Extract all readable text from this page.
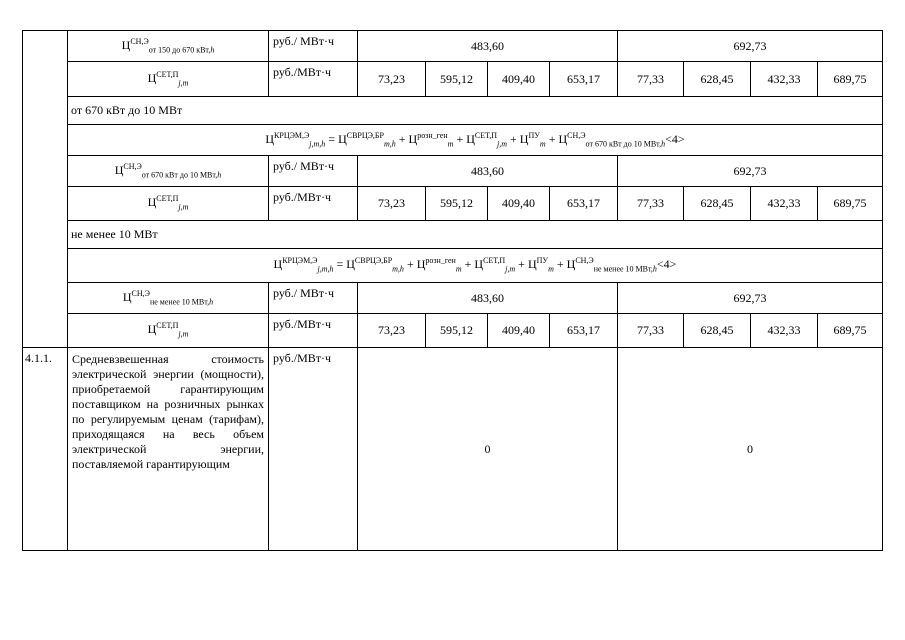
	$Ц^{СН,Э}_{от 150 до 670 кВт,h}$	руб./ МВт·ч	483,60				692,73			
	$Ц^{СЕТ,П}_{j,m}$	руб./МВт·ч	73,23	595,12	409,40	653,17	77,33	628,45	432,33	689,75
	от 670 кВт до 10 МВт									
	$Ц^{КРЦЭМ,Э}_{j,m,h} = Ц^{СВРЦЭ,БР}_{m,h} + Ц^{розн\_ген}_m + Ц^{СЕТ,П}_{j,m} + Ц^{ПУ}_m + Ц^{СН,Э}_{от 670 кВт до 10 МВт,h}<4>$									
	$Ц^{СН,Э}_{от 670 кВт до 10 МВт,h}$	руб./ МВт·ч	483,60				692,73			
	$Ц^{СЕТ,П}_{j,m}$	руб./МВт·ч	73,23	595,12	409,40	653,17	77,33	628,45	432,33	689,75
	не менее 10 МВт									
	$Ц^{КРЦЭМ,Э}_{j,m,h} = Ц^{СВРЦЭ,БР}_{m,h} + Ц^{розн\_ген}_m + Ц^{СЕТ,П}_{j,m} + Ц^{ПУ}_m + Ц^{СН,Э}_{не менее 10 МВт,h}<4>$									
	$Ц^{СН,Э}_{не менее 10 МВт,h}$	руб./ МВт·ч	483,60				692,73			
	$Ц^{СЕТ,П}_{j,m}$	руб./МВт·ч	73,23	595,12	409,40	653,17	77,33	628,45	432,33	689,75
4.1.1.	Средневзвешенная стоимость электрической энергии (мощности), приобретаемой гарантирующим поставщиком на розничных рынках по регулируемым ценам (тарифам), приходящаяся на весь объем электрической энергии, поставляемой гарантирующим	руб./МВт·ч	0				0			
